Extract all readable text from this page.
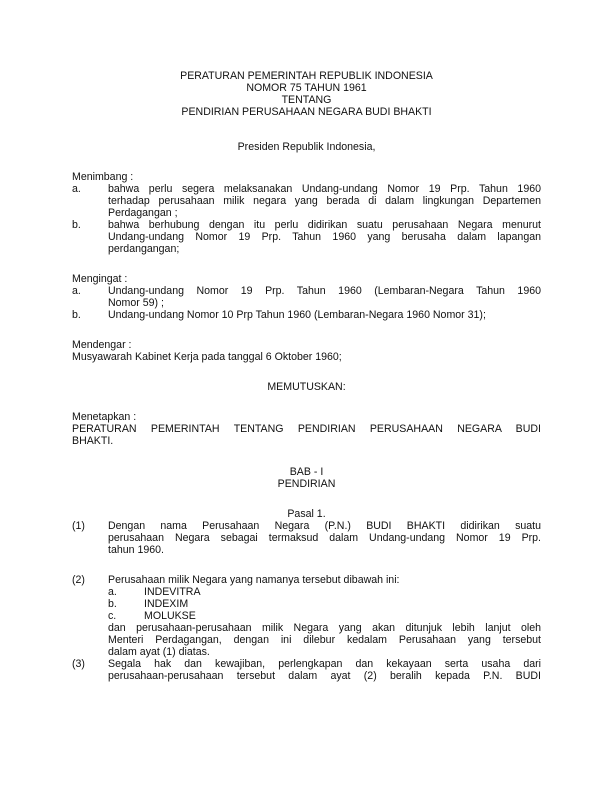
PERATURAN PEMERINTAH REPUBLIK INDONESIA
NOMOR 75 TAHUN 1961
TENTANG
PENDIRIAN PERUSAHAAN NEGARA BUDI BHAKTI
Presiden Republik Indonesia,
Menimbang :
a.	bahwa perlu segera melaksanakan Undang-undang Nomor 19 Prp. Tahun 1960
terhadap perusahaan milik negara yang berada di dalam lingkungan Departemen
Perdagangan ;
b.	bahwa berhubung dengan itu perlu didirikan suatu perusahaan Negara menurut
Undang-undang Nomor 19 Prp. Tahun 1960 yang berusaha dalam lapangan
perdangangan;
Mengingat :
a.	Undang-undang Nomor 19 Prp. Tahun 1960 (Lembaran-Negara Tahun 1960
Nomor 59) ;
b.	Undang-undang Nomor 10 Prp Tahun 1960 (Lembaran-Negara 1960 Nomor 31);
Mendengar :
Musyawarah Kabinet Kerja pada tanggal 6 Oktober 1960;
MEMUTUSKAN:
Menetapkan :
PERATURAN PEMERINTAH TENTANG PENDIRIAN PERUSAHAAN NEGARA BUDI
BHAKTI.
BAB - I
PENDIRIAN
Pasal 1.
(1) Dengan nama Perusahaan Negara (P.N.) BUDI BHAKTI didirikan suatu
perusahaan Negara sebagai termaksud dalam Undang-undang Nomor 19 Prp.
tahun 1960.
(2) Perusahaan milik Negara yang namanya tersebut dibawah ini:
a.	INDEVITRA
b.	INDEXIM
c.	MOLUKSE
dan perusahaan-perusahaan milik Negara yang akan ditunjuk lebih lanjut oleh
Menteri Perdagangan, dengan ini dilebur kedalam Perusahaan yang tersebut
dalam ayat (1) diatas.
(3) Segala hak dan kewajiban, perlengkapan dan kekayaan serta usaha dari
perusahaan-perusahaan tersebut dalam ayat (2) beralih kepada P.N. BUDI
